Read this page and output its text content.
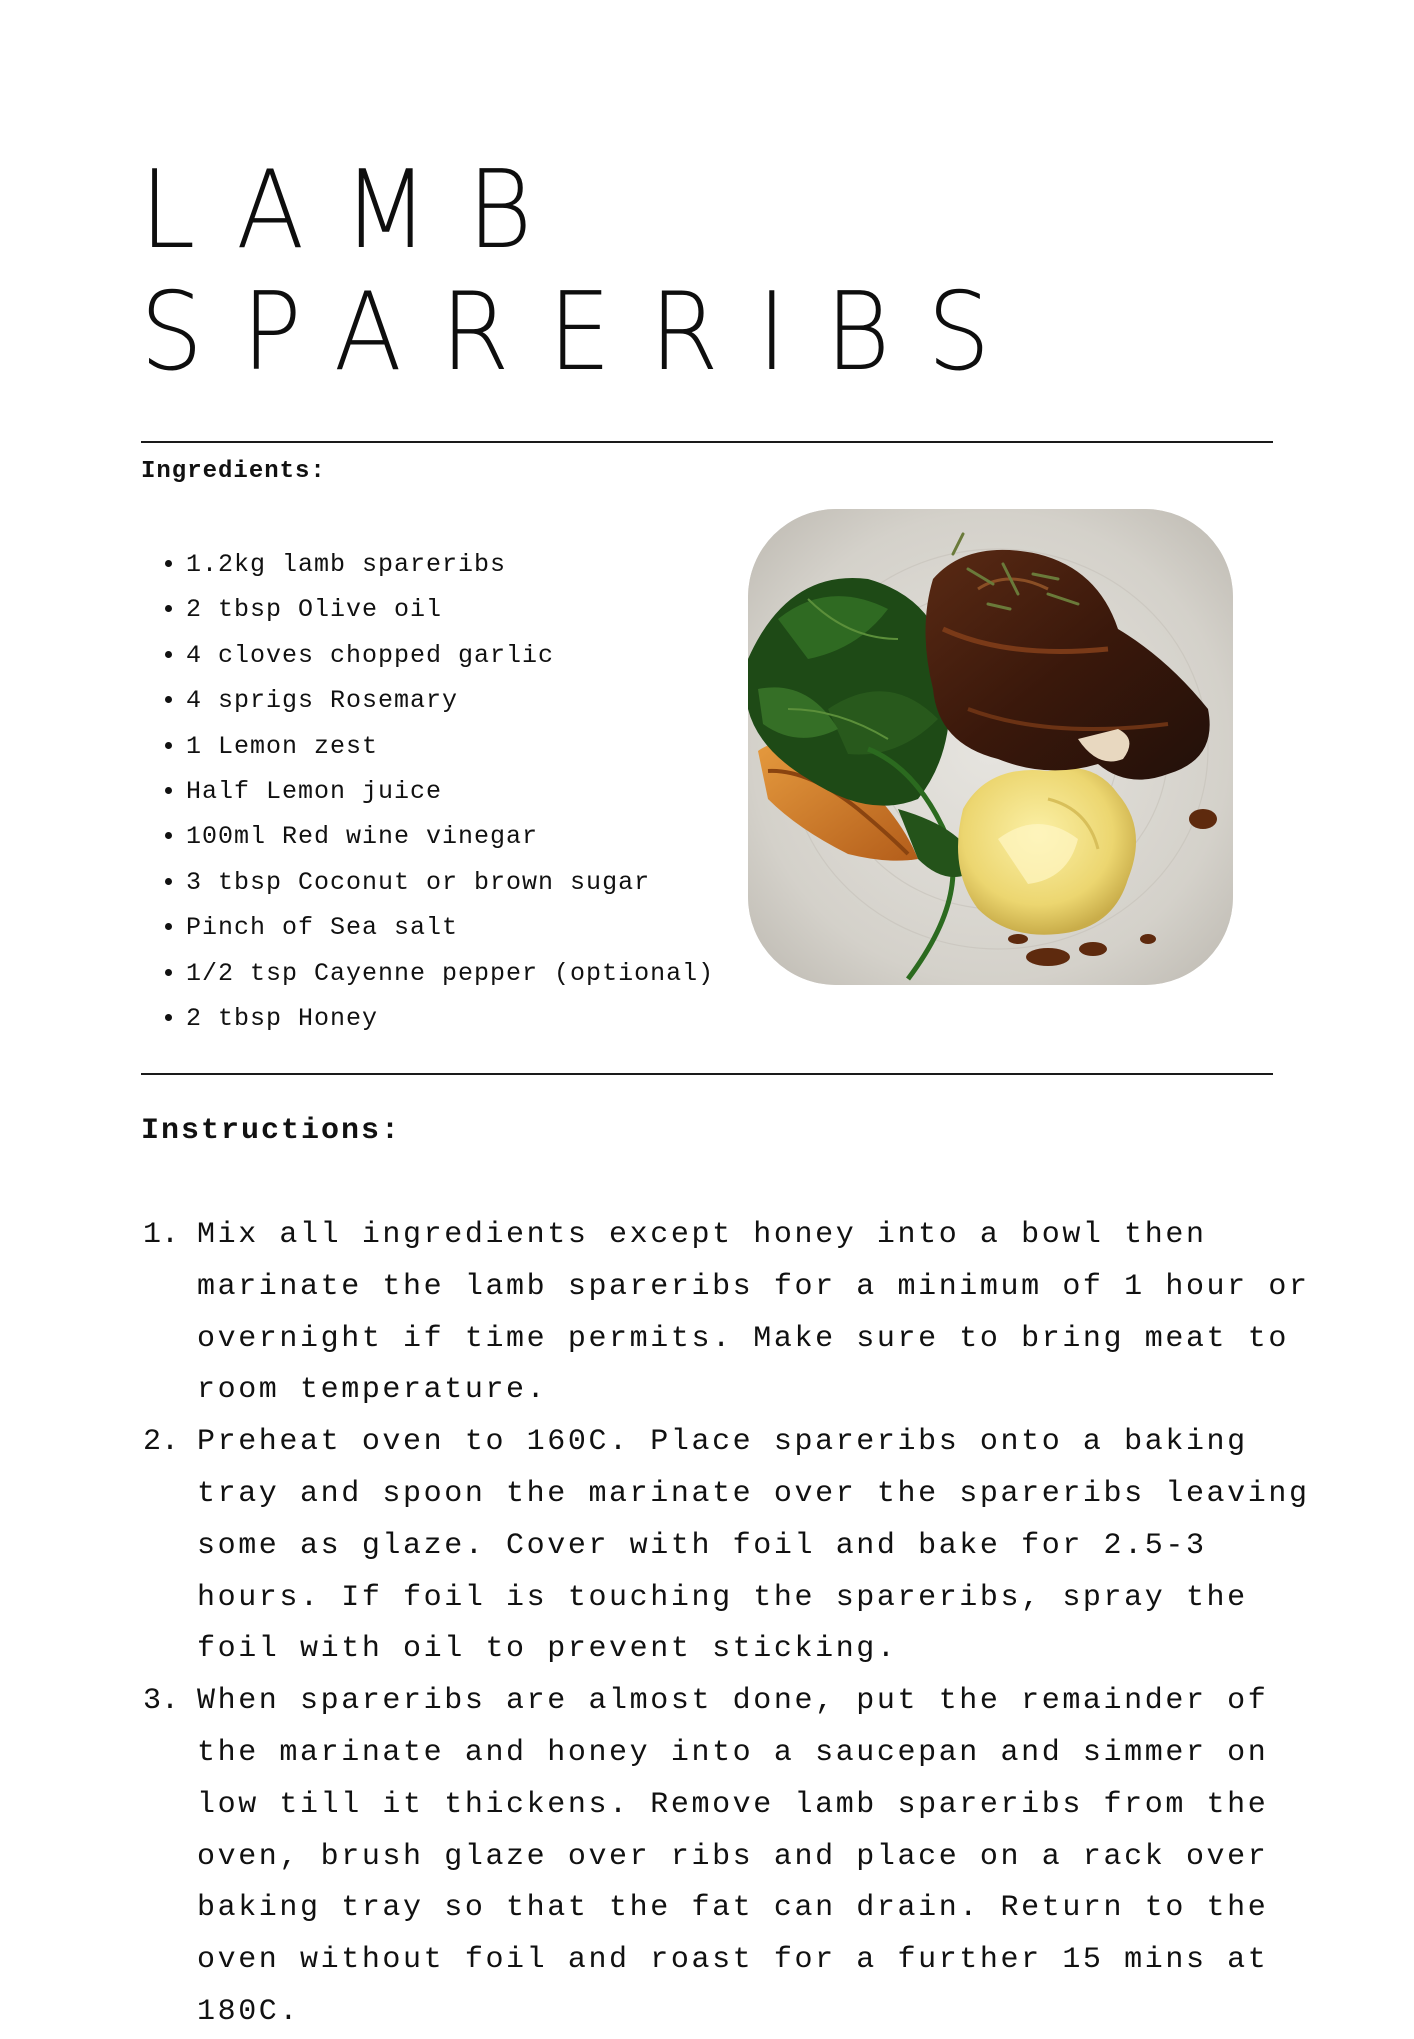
LAMB
SPARERIBS
Ingredients:
• 1.2kg lamb spareribs
• 2 tbsp Olive oil
• 4 cloves chopped garlic
• 4 sprigs Rosemary
• 1 Lemon zest
• Half Lemon juice
• 100ml Red wine vinegar
• 3 tbsp Coconut or brown sugar
• Pinch of Sea salt
• 1/2 tsp Cayenne pepper (optional)
• 2 tbsp Honey
Instructions:
1. Mix all ingredients except honey into a bowl then marinate the lamb spareribs for a minimum of 1 hour or overnight if time permits. Make sure to bring meat to room temperature.
2. Preheat oven to 160C. Place spareribs onto a baking tray and spoon the marinate over the spareribs leaving some as glaze. Cover with foil and bake for 2.5-3 hours. If foil is touching the spareribs, spray the foil with oil to prevent sticking.
3. When spareribs are almost done, put the remainder of the marinate and honey into a saucepan and simmer on low till it thickens. Remove lamb spareribs from the oven, brush glaze over ribs and place on a rack over baking tray so that the fat can drain. Return to the oven without foil and roast for a further 15 mins at 180C.
